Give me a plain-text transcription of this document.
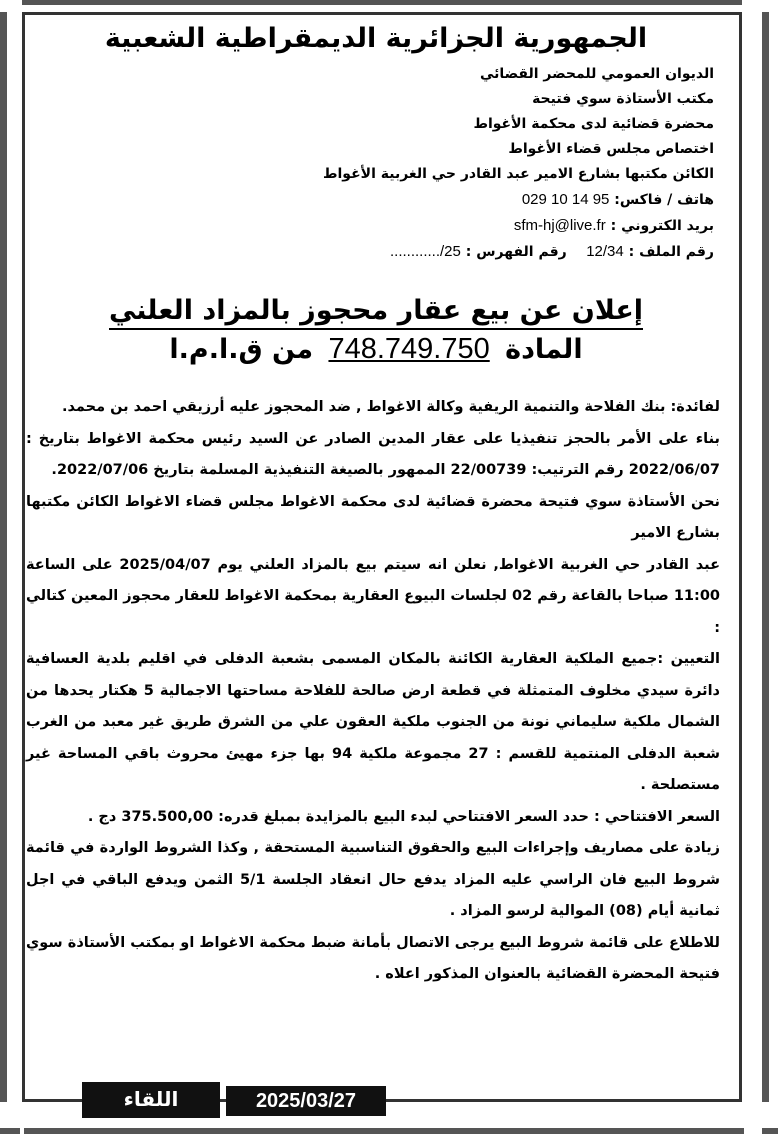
الجمهورية الجزائرية الديمقراطية الشعبية
الديوان العمومي للمحضر القضائي
مكتب الأستاذة سوي فتيحة
محضرة قضائية لدى محكمة الأغواط
اختصاص مجلس قضاء الأغواط
الكائن مكتبها بشارع الامير عبد القادر حي الغربية الأغواط
هاتف / فاكس: 029 10 14 95
بريد الكتروني : sfm-hj@live.fr
رقم الملف : 12/34    رقم الفهرس : ............/25
إعلان عن بيع عقار محجوز بالمزاد العلني
المادة 748.749.750 من ق.ا.م.ا

لفائدة: بنك الفلاحة والتنمية الريفية وكالة الاغواط , ضد المحجوز عليه أرزيقي احمد بن محمد.

بناء على الأمر بالحجز تنفيذيا على عقار المدين الصادر عن السيد رئيس محكمة الاغواط بتاريخ : 2022/06/07 رقم الترتيب: 22/00739 الممهور بالصيغة التنفيذية المسلمة بتاريخ 2022/07/06.

نحن الأستاذة سوي فتيحة محضرة قضائية لدى محكمة الاغواط مجلس قضاء الاغواط الكائن مكتبها بشارع الامير

عبد القادر حي الغربية الاغواط, نعلن انه سيتم بيع بالمزاد العلني يوم 2025/04/07 على الساعة 11:00 صباحا بالقاعة رقم 02 لجلسات البيوع العقارية بمحكمة الاغواط للعقار محجوز المعين كتالي :

التعيين :جميع الملكية العقارية الكائنة بالمكان المسمى بشعبة الدفلى في اقليم بلدية العسافية دائرة سيدي مخلوف المتمثلة في قطعة ارض صالحة للفلاحة مساحتها الاجمالية 5 هكتار يحدها من الشمال ملكية سليماني نونة من الجنوب ملكية العقون علي من الشرق طريق غير معبد من الغرب شعبة الدفلى المنتمية للقسم : 27 مجموعة ملكية 94 بها جزء مهيئ محروث باقي المساحة غير مستصلحة .

السعر الافتتاحي : حدد السعر الافتتاحي لبدء البيع بالمزايدة بمبلغ قدره: 375.500,00 دج .

زيادة على مصاريف وإجراءات البيع والحقوق التناسبية المستحقة , وكذا الشروط الواردة في قائمة شروط البيع فان الراسي عليه المزاد يدفع حال انعقاد الجلسة 5/1 الثمن ويدفع الباقي في اجل ثمانية أيام (08) الموالية لرسو المزاد .

للاطلاع على قائمة شروط البيع يرجى الاتصال بأمانة ضبط محكمة الاغواط او بمكتب الأستاذة سوي فتيحة المحضرة القضائية بالعنوان المذكور اعلاه .

2025/03/27
اللقاء
